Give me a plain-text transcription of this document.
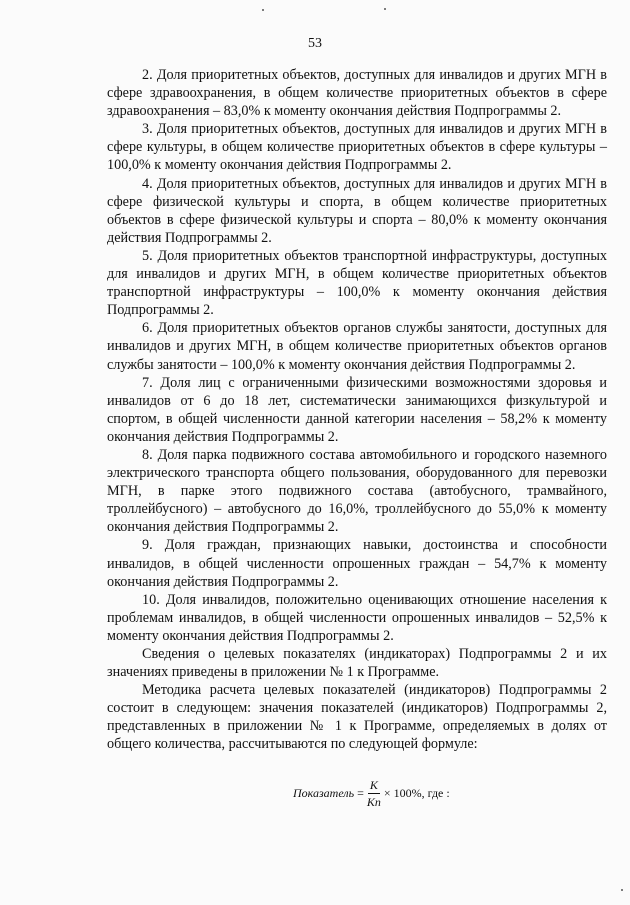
53

2. Доля приоритетных объектов, доступных для инвалидов и других МГН в сфере здравоохранения, в общем количестве приоритетных объектов в сфере здравоохранения – 83,0% к моменту окончания действия Подпрограммы 2.

3. Доля приоритетных объектов, доступных для инвалидов и других МГН в сфере культуры, в общем количестве приоритетных объектов в сфере культуры – 100,0% к моменту окончания действия Подпрограммы 2.

4. Доля приоритетных объектов, доступных для инвалидов и других МГН в сфере физической культуры и спорта, в общем количестве приоритетных объектов в сфере физической культуры и спорта – 80,0% к моменту окончания действия Подпрограммы 2.

5. Доля приоритетных объектов транспортной инфраструктуры, доступных для инвалидов и других МГН, в общем количестве приоритетных объектов транспортной инфраструктуры – 100,0% к моменту окончания действия Подпрограммы 2.

6. Доля приоритетных объектов органов службы занятости, доступных для инвалидов и других МГН, в общем количестве приоритетных объектов органов службы занятости – 100,0% к моменту окончания действия Подпрограммы 2.

7. Доля лиц с ограниченными физическими возможностями здоровья и инвалидов от 6 до 18 лет, систематически занимающихся физкультурой и спортом, в общей численности данной категории населения – 58,2% к моменту окончания действия Подпрограммы 2.

8. Доля парка подвижного состава автомобильного и городского наземного электрического транспорта общего пользования, оборудованного для перевозки МГН, в парке этого подвижного состава (автобусного, трамвайного, троллейбусного) – автобусного до 16,0%, троллейбусного до 55,0% к моменту окончания действия Подпрограммы 2.

9. Доля граждан, признающих навыки, достоинства и способности инвалидов, в общей численности опрошенных граждан – 54,7% к моменту окончания действия Подпрограммы 2.

10. Доля инвалидов, положительно оценивающих отношение населения к проблемам инвалидов, в общей численности опрошенных инвалидов – 52,5% к моменту окончания действия Подпрограммы 2.

Сведения о целевых показателях (индикаторах) Подпрограммы 2 и их значениях приведены в приложении № 1 к Программе.

Методика расчета целевых показателей (индикаторов) Подпрограммы 2 состоит в следующем: значения показателей (индикаторов) Подпрограммы 2, представленных в приложении № 1 к Программе, определяемых в долях от общего количества, рассчитываются по следующей формуле:

Показатель = $\frac{K}{Kn} \times 100\%$, где :
